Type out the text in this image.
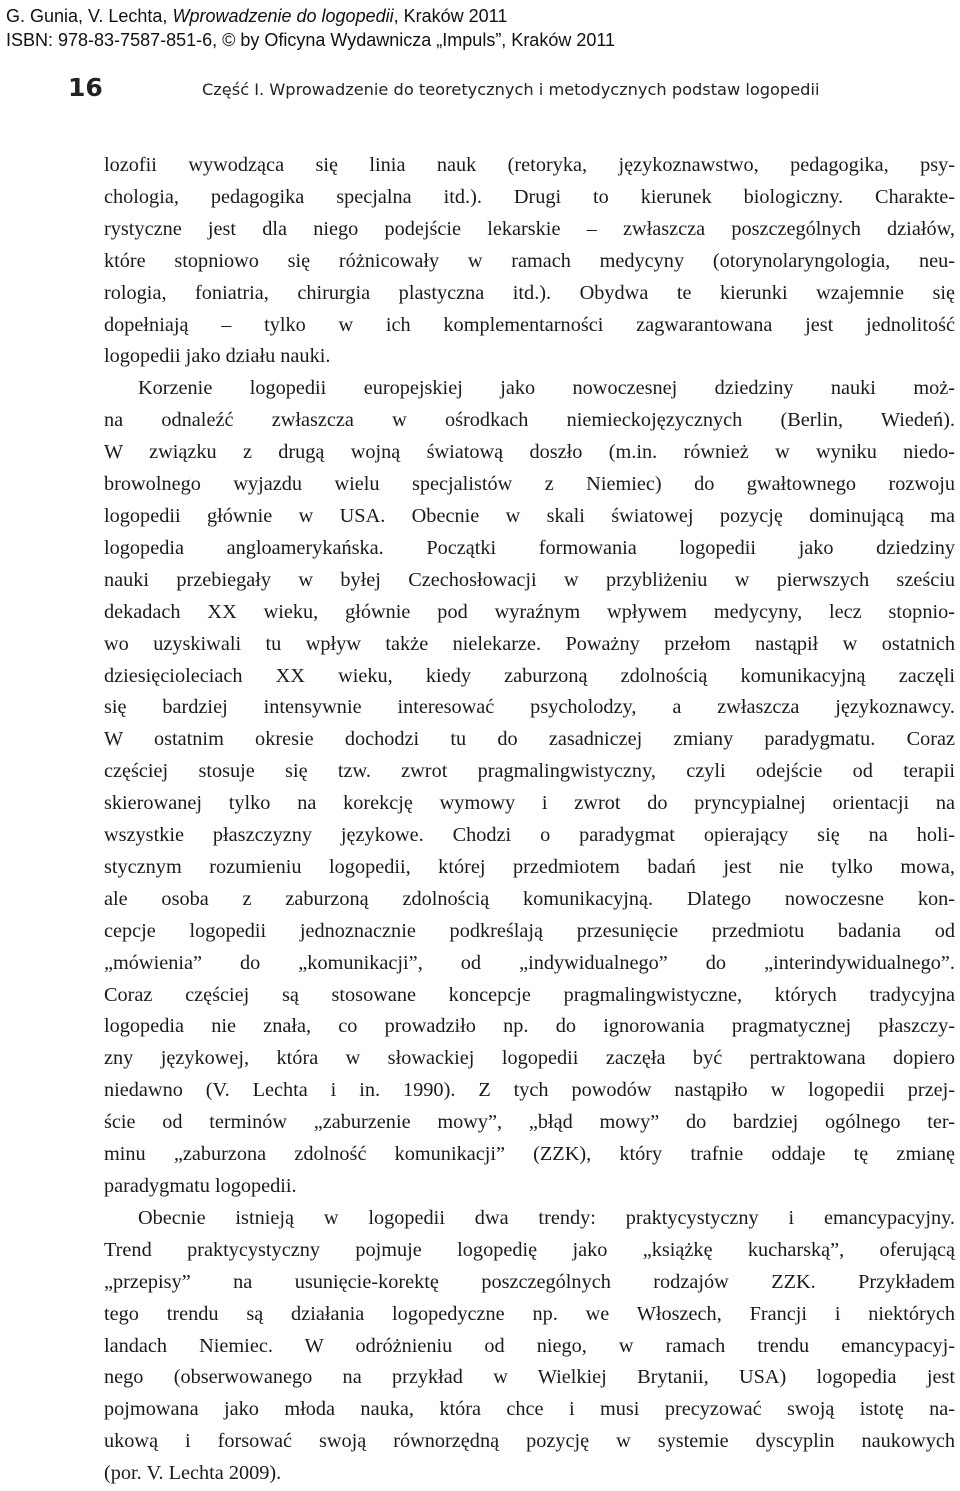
G. Gunia, V. Lechta, Wprowadzenie do logopedii, Kraków 2011
ISBN: 978-83-7587-851-6, © by Oficyna Wydawnicza „Impuls”, Kraków 2011
16	Część I. Wprowadzenie do teoretycznych i metodycznych podstaw logopedii

lozofii wywodząca się linia nauk (retoryka, językoznawstwo, pedagogika, psy-
chologia, pedagogika specjalna itd.). Drugi to kierunek biologiczny. Charakte-
rystyczne jest dla niego podejście lekarskie – zwłaszcza poszczególnych działów,
które stopniowo się różnicowały w ramach medycyny (otorynolaryngologia, neu-
rologia, foniatria, chirurgia plastyczna itd.). Obydwa te kierunki wzajemnie się
dopełniają – tylko w ich komplementarności zagwarantowana jest jednolitość
logopedii jako działu nauki.

Korzenie logopedii europejskiej jako nowoczesnej dziedziny nauki moż-
na odnaleźć zwłaszcza w ośrodkach niemieckojęzycznych (Berlin, Wiedeń).
W związku z drugą wojną światową doszło (m.in. również w wyniku niedo-
browolnego wyjazdu wielu specjalistów z Niemiec) do gwałtownego rozwoju
logopedii głównie w USA. Obecnie w skali światowej pozycję dominującą ma
logopedia angloamerykańska. Początki formowania logopedii jako dziedziny
nauki przebiegały w byłej Czechosłowacji w przybliżeniu w pierwszych sześciu
dekadach XX wieku, głównie pod wyraźnym wpływem medycyny, lecz stopnio-
wo uzyskiwali tu wpływ także nielekarze. Poważny przełom nastąpił w ostatnich
dziesięcioleciach XX wieku, kiedy zaburzoną zdolnością komunikacyjną zaczęli
się bardziej intensywnie interesować psycholodzy, a zwłaszcza językoznawcy.
W ostatnim okresie dochodzi tu do zasadniczej zmiany paradygmatu. Coraz
częściej stosuje się tzw. zwrot pragmalingwistyczny, czyli odejście od terapii
skierowanej tylko na korekcję wymowy i zwrot do pryncypialnej orientacji na
wszystkie płaszczyzny językowe. Chodzi o paradygmat opierający się na holi-
stycznym rozumieniu logopedii, której przedmiotem badań jest nie tylko mowa,
ale osoba z zaburzoną zdolnością komunikacyjną. Dlatego nowoczesne kon-
cepcje logopedii jednoznacznie podkreślają przesunięcie przedmiotu badania od
„mówienia” do „komunikacji”, od „indywidualnego” do „interindywidualnego”.
Coraz częściej są stosowane koncepcje pragmalingwistyczne, których tradycyjna
logopedia nie znała, co prowadziło np. do ignorowania pragmatycznej płaszczy-
zny językowej, która w słowackiej logopedii zaczęła być pertraktowana dopiero
niedawno (V. Lechta i in. 1990). Z tych powodów nastąpiło w logopedii przej-
ście od terminów „zaburzenie mowy”, „błąd mowy” do bardziej ogólnego ter-
minu „zaburzona zdolność komunikacji” (ZZK), który trafnie oddaje tę zmianę
paradygmatu logopedii.

Obecnie istnieją w logopedii dwa trendy: praktycystyczny i emancypacyjny.
Trend praktycystyczny pojmuje logopedię jako „książkę kucharską”, oferującą
„przepisy” na usunięcie-korektę poszczególnych rodzajów ZZK. Przykładem
tego trendu są działania logopedyczne np. we Włoszech, Francji i niektórych
landach Niemiec. W odróżnieniu od niego, w ramach trendu emancypacyj-
nego (obserwowanego na przykład w Wielkiej Brytanii, USA) logopedia jest
pojmowana jako młoda nauka, która chce i musi precyzować swoją istotę na-
ukową i forsować swoją równorzędną pozycję w systemie dyscyplin naukowych
(por. V. Lechta 2009).
